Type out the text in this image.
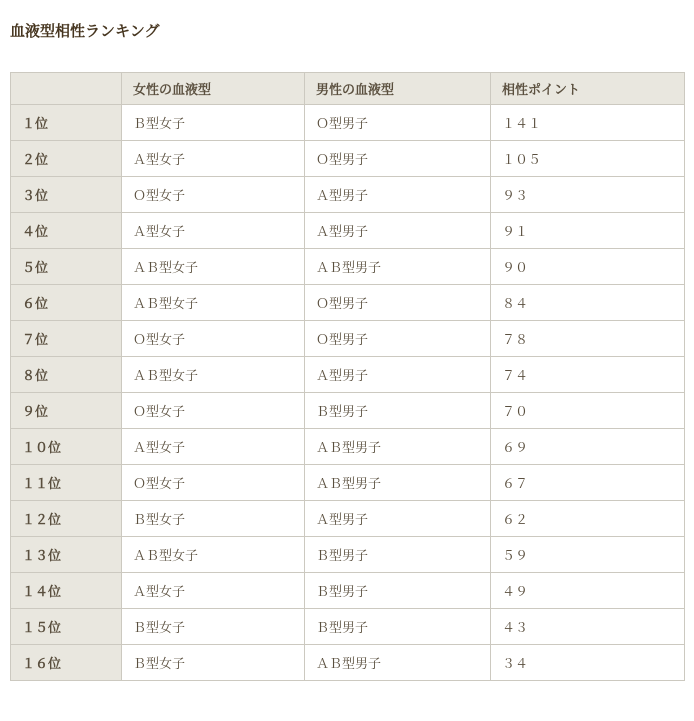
血液型相性ランキング
	女性の血液型	男性の血液型	相性ポイント
１位	Ｂ型女子	Ｏ型男子	１４１
２位	Ａ型女子	Ｏ型男子	１０５
３位	Ｏ型女子	Ａ型男子	９３
４位	Ａ型女子	Ａ型男子	９１
５位	ＡＢ型女子	ＡＢ型男子	９０
６位	ＡＢ型女子	Ｏ型男子	８４
７位	Ｏ型女子	Ｏ型男子	７８
８位	ＡＢ型女子	Ａ型男子	７４
９位	Ｏ型女子	Ｂ型男子	７０
１０位	Ａ型女子	ＡＢ型男子	６９
１１位	Ｏ型女子	ＡＢ型男子	６７
１２位	Ｂ型女子	Ａ型男子	６２
１３位	ＡＢ型女子	Ｂ型男子	５９
１４位	Ａ型女子	Ｂ型男子	４９
１５位	Ｂ型女子	Ｂ型男子	４３
１６位	Ｂ型女子	ＡＢ型男子	３４
